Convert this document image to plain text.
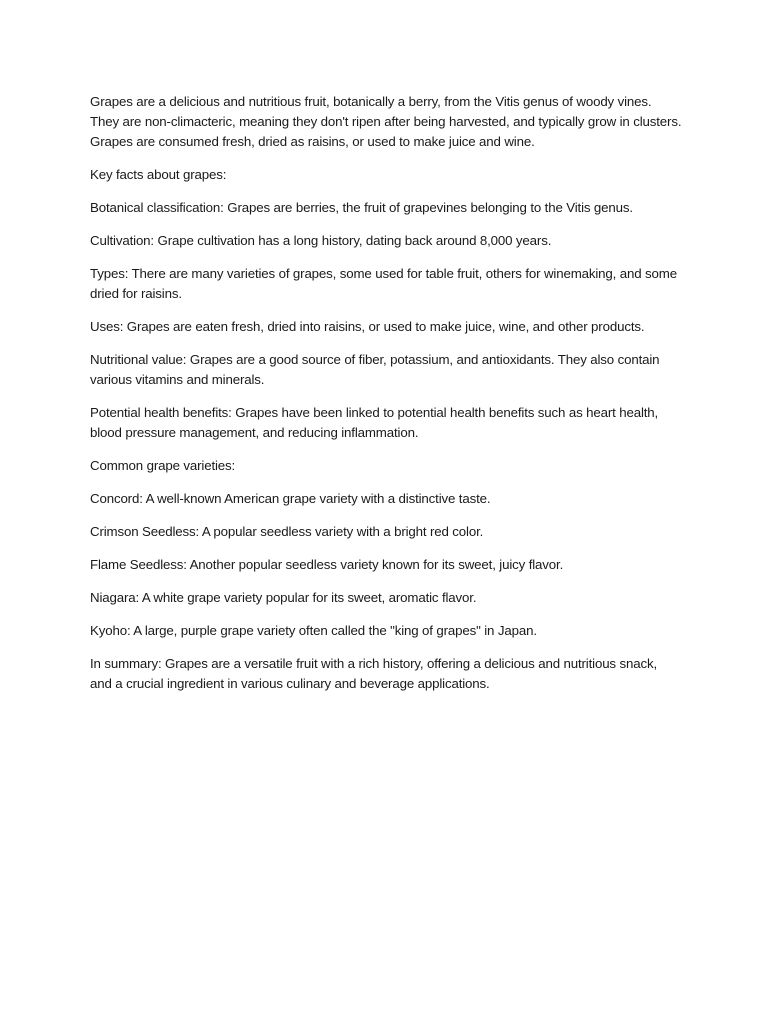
Grapes are a delicious and nutritious fruit, botanically a berry, from the Vitis genus of woody vines. They are non-climacteric, meaning they don't ripen after being harvested, and typically grow in clusters. Grapes are consumed fresh, dried as raisins, or used to make juice and wine.

Key facts about grapes:

Botanical classification: Grapes are berries, the fruit of grapevines belonging to the Vitis genus.

Cultivation: Grape cultivation has a long history, dating back around 8,000 years.

Types: There are many varieties of grapes, some used for table fruit, others for winemaking, and some dried for raisins.

Uses: Grapes are eaten fresh, dried into raisins, or used to make juice, wine, and other products.

Nutritional value: Grapes are a good source of fiber, potassium, and antioxidants. They also contain various vitamins and minerals.

Potential health benefits: Grapes have been linked to potential health benefits such as heart health, blood pressure management, and reducing inflammation.

Common grape varieties:

Concord: A well-known American grape variety with a distinctive taste.

Crimson Seedless: A popular seedless variety with a bright red color.

Flame Seedless: Another popular seedless variety known for its sweet, juicy flavor.

Niagara: A white grape variety popular for its sweet, aromatic flavor.

Kyoho: A large, purple grape variety often called the "king of grapes" in Japan.

In summary: Grapes are a versatile fruit with a rich history, offering a delicious and nutritious snack, and a crucial ingredient in various culinary and beverage applications.
